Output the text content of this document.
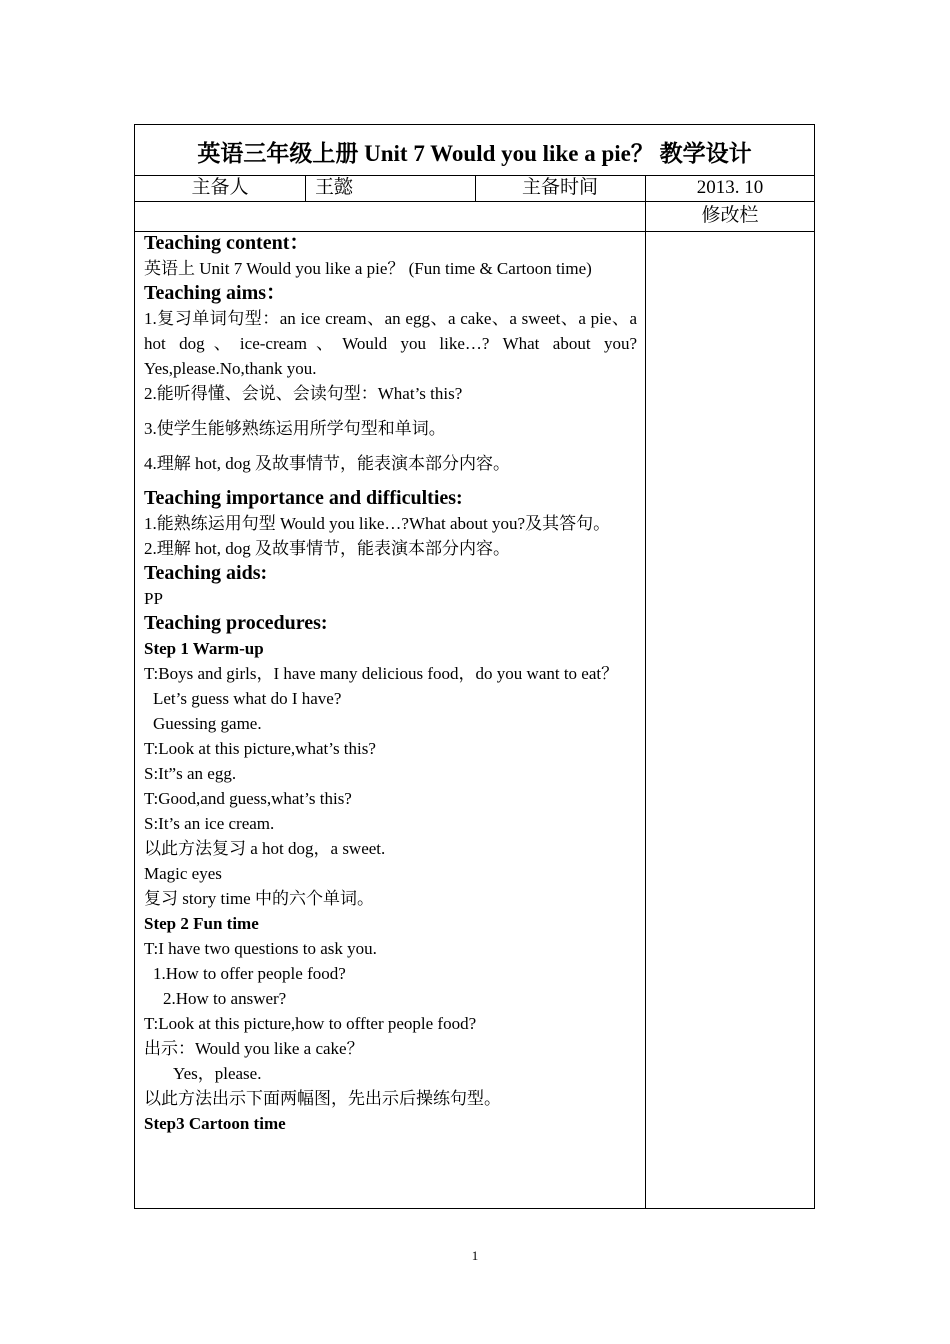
英语三年级上册 Unit 7 Would you like a pie？ 教学设计
主备人	王懿	主备时间	2013. 10
修改栏

Teaching content：

英语上 Unit 7 Would you like a pie？ (Fun time & Cartoon time)

Teaching aims：

1.复习单词句型：an ice cream、an egg、a cake、a sweet、a pie、a hot dog、ice-cream、Would you like…? What about you? Yes,please.No,thank you.

2.能听得懂、会说、会读句型：What’s this?

3.使学生能够熟练运用所学句型和单词。

4.理解 hot, dog 及故事情节，能表演本部分内容。

Teaching importance and difficulties:

1.能熟练运用句型 Would you like…?What about you?及其答句。

2.理解 hot, dog 及故事情节，能表演本部分内容。

Teaching aids:

PP

Teaching procedures:

Step 1 Warm-up

T:Boys and girls，I have many delicious food，do you want to eat？

Let’s guess what do I have?

Guessing game.

T:Look at this picture,what’s this?

S:It”s an egg.

T:Good,and guess,what’s this?

S:It’s an ice cream.

以此方法复习 a hot dog，a sweet.

Magic eyes

复习 story time 中的六个单词。

Step 2 Fun time

T:I have two questions to ask you.

1.How to offer people food?

2.How to answer?

T:Look at this picture,how to offter people food?

出示：Would you like a cake？

Yes，please.

以此方法出示下面两幅图，先出示后操练句型。

Step3 Cartoon time

1
